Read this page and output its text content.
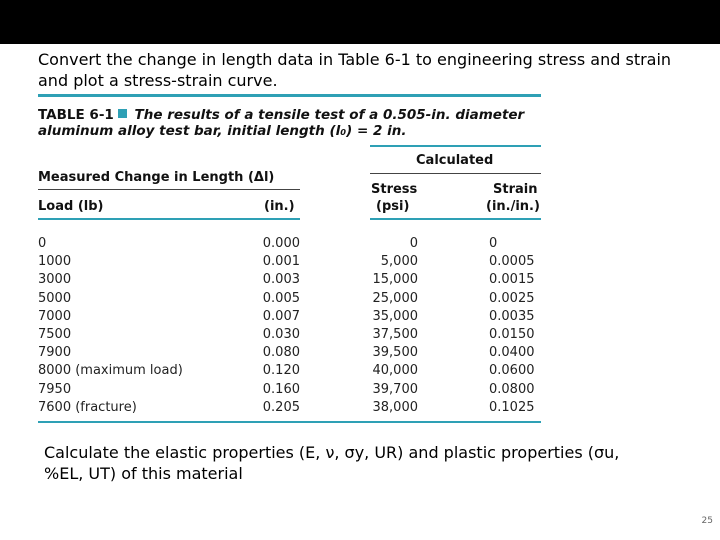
Convert the change in length data in Table 6-1 to engineering stress and strain and plot a stress-strain curve.
TABLE 6-1 The results of a tensile test of a 0.505-in. diameter
aluminum alloy test bar, initial length (l₀) = 2 in.
Calculated
Measured Change in Length (Δl)
Stress
(psi)
Strain
(in./in.)
Load (lb)	(in.)
0
1000
3000
5000
7000
7500
7900
8000 (maximum load)
7950
7600 (fracture)
0.000
0.001
0.003
0.005
0.007
0.030
0.080
0.120
0.160
0.205
0
5,000
15,000
25,000
35,000
37,500
39,500
40,000
39,700
38,000
0
0.0005
0.0015
0.0025
0.0035
0.0150
0.0400
0.0600
0.0800
0.1025
Calculate the elastic properties (E, ν, σy, UR) and plastic properties (σu,
%EL, UT) of this material
25
